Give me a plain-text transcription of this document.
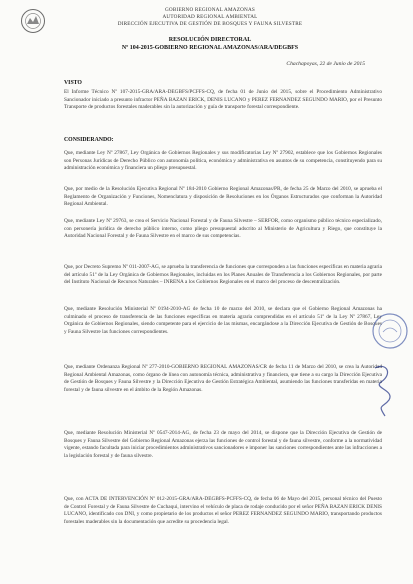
GOBIERNO REGIONAL AMAZONAS
AUTORIDAD REGIONAL AMBIENTAL
DIRECCIÓN EJECUTIVA DE GESTIÓN DE BOSQUES Y FAUNA SILVESTRE
RESOLUCIÓN DIRECTORAL
Nº 104-2015-GOBIERNO REGIONAL AMAZONAS/ARA/DEGBFS
Chachapoyas, 22 de Junio de 2015
VISTO

El Informe Técnico Nº 107-2015-GRA/ARA-DEGBFS/PCFFS-CQ, de fecha 01 de Junio del 2015, sobre el Procedimiento Administrativo Sancionador iniciado a presunto infractor PEÑA BAZAN ERICK, DENIS LUCANO y PEREZ FERNANDEZ SEGUNDO MARIO, por el Presunto Transporte de productos forestales maderables sin la autorización y guía de transporte forestal correspondiente.

CONSIDERANDO:

Que, mediante Ley Nº 27867, Ley Orgánica de Gobiernos Regionales y sus modificatorias Ley Nº 27902, establece que los Gobiernos Regionales son Personas Jurídicas de Derecho Público con autonomía política, económica y administrativa en asuntos de su competencia, constituyendo para su administración económica y financiera un pliego presupuestal.

Que, por medio de la Resolución Ejecutiva Regional Nº 184-2010 Gobierno Regional Amazonas/PR, de fecha 25 de Marzo del 2010, se aprueba el Reglamento de Organización y Funciones, Nomenclatura y disposición de Resoluciones en los Órganos Estructurados que conforman la Autoridad Regional Ambiental.

Que, mediante Ley Nº 29763, se crea el Servicio Nacional Forestal y de Fauna Silvestre – SERFOR, como organismo público técnico especializado, con personería jurídica de derecho público interno, como pliego presupuestal adscrito al Ministerio de Agricultura y Riego, que constituye la Autoridad Nacional Forestal y de Fauna Silvestre en el marco de sus competencias.

Que, por Decreto Supremo Nº 011-2007-AG, se aprueba la transferencia de funciones que corresponden a las funciones específicas en materia agraria del artículo 51º de la Ley Orgánica de Gobiernos Regionales, incluidas en los Planes Anuales de Transferencia a los Gobiernos Regionales, por parte del Instituto Nacional de Recursos Naturales – INRENA a los Gobiernos Regionales en el marco del proceso de descentralización.

Que, mediante Resolución Ministerial Nº 0194-2010-AG de fecha 10 de marzo del 2010, se declara que el Gobierno Regional Amazonas ha culminado el proceso de transferencia de las funciones específicas en materia agraria comprendidas en el artículo 51º de la Ley Nº 27867, Ley Orgánica de Gobiernos Regionales, siendo competente para el ejercicio de las mismas, encargándose a la Dirección Ejecutiva de Gestión de Bosques y Fauna Silvestre las funciones correspondientes.

Que, mediante Ordenanza Regional Nº 277-2010-GOBIERNO REGIONAL AMAZONAS/CR de fecha 11 de Marzo del 2010, se crea la Autoridad Regional Ambiental Amazonas, como órgano de línea con autonomía técnica, administrativa y financiera, que tiene a su cargo la Dirección Ejecutiva de Gestión de Bosques y Fauna Silvestre y la Dirección Ejecutiva de Gestión Estratégica Ambiental, asumiendo las funciones transferidas en materia forestal y de fauna silvestre en el ámbito de la Región Amazonas.

Que, mediante Resolución Ministerial Nº 0547-2014-AG, de fecha 23 de mayo del 2014, se dispone que la Dirección Ejecutiva de Gestión de Bosques y Fauna Silvestre del Gobierno Regional Amazonas ejerza las funciones de control forestal y de fauna silvestre, conforme a la normatividad vigente, estando facultada para iniciar procedimientos administrativos sancionadores e imponer las sanciones correspondientes ante las infracciones a la legislación forestal y de fauna silvestre.

Que, con ACTA DE INTERVENCIÓN Nº 012-2015-GRA/ARA-DEGBFS-PCFFS-CQ, de fecha 06 de Mayo del 2015, personal técnico del Puesto de Control Forestal y de Fauna Silvestre de Cuchaqui, intervino el vehículo de placa de rodaje conducido por el señor PEÑA BAZAN ERICK DENIS LUCANO, identificado con DNI, y como propietario de los productos el señor PEREZ FERNANDEZ SEGUNDO MARIO, transportando productos forestales maderables sin la documentación que acredite su procedencia legal.
